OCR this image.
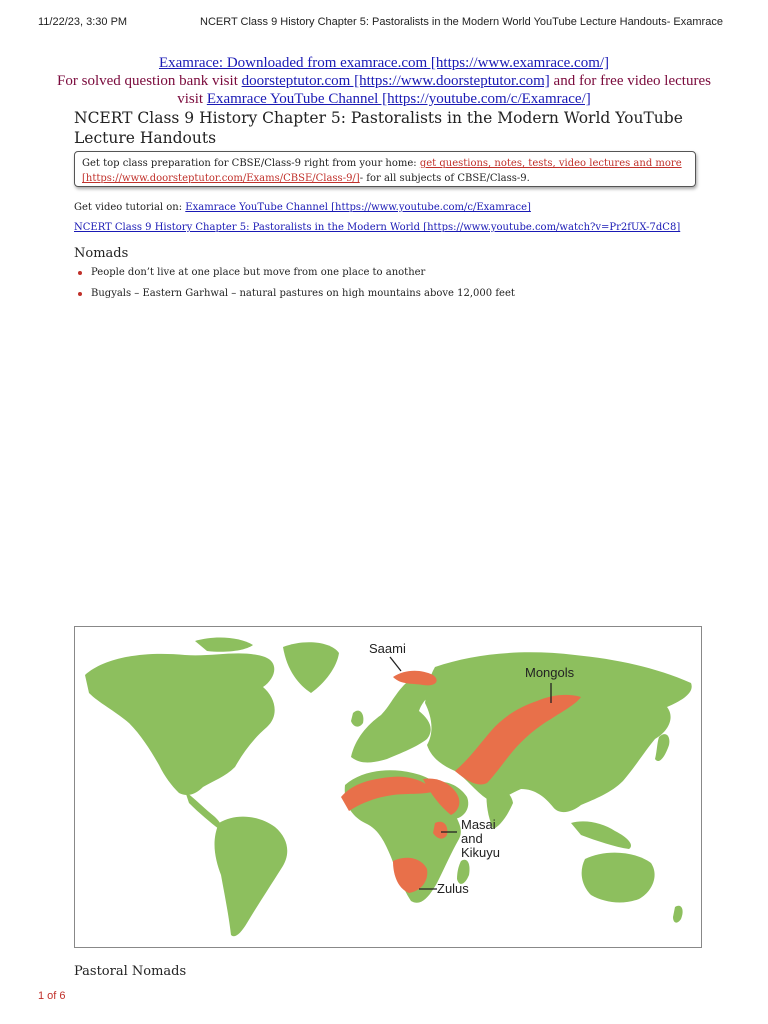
11/22/23, 3:30 PM	NCERT Class 9 History Chapter 5: Pastoralists in the Modern World YouTube Lecture Handouts- Examrace
Examrace: Downloaded from examrace.com [https://www.examrace.com/]
For solved question bank visit doorsteptutor.com [https://www.doorsteptutor.com] and for free video lectures
visit Examrace YouTube Channel [https://youtube.com/c/Examrace/]
NCERT Class 9 History Chapter 5: Pastoralists in the Modern World YouTube Lecture Handouts
Get top class preparation for CBSE/Class-9 right from your home: get questions, notes, tests, video lectures and more [https://www.doorsteptutor.com/Exams/CBSE/Class-9/]- for all subjects of CBSE/Class-9.
Get video tutorial on: Examrace YouTube Channel [https://www.youtube.com/c/Examrace]
NCERT Class 9 History Chapter 5: Pastoralists in the Modern World [https://www.youtube.com/watch?v=Pr2fUX-7dC8]
Nomads
People don’t live at one place but move from one place to another
Bugyals – Eastern Garhwal – natural pastures on high mountains above 12,000 feet
Saami
Mongols
Masai
and
Kikuyu
Zulus
Pastoral Nomads
1 of 6
